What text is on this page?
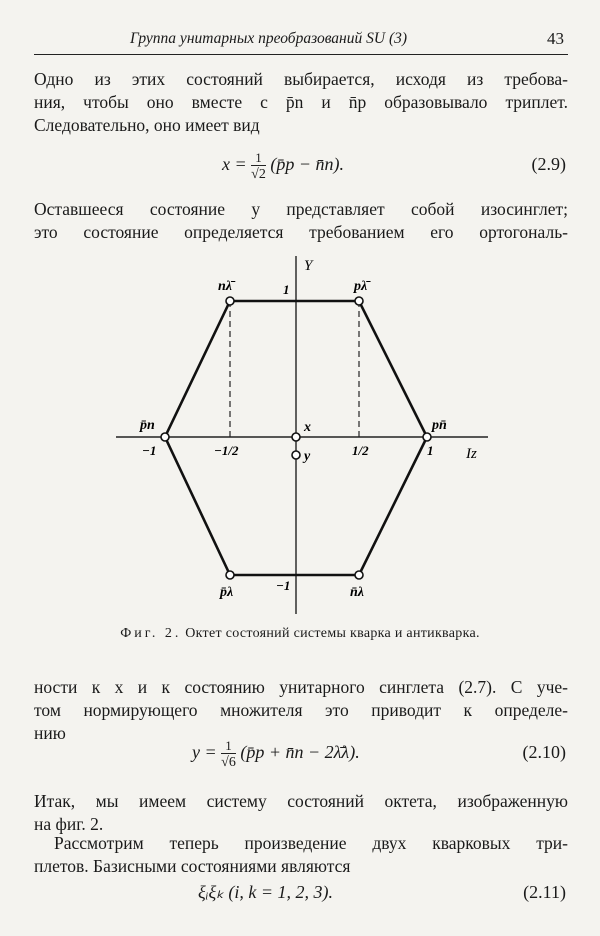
Группа унитарных преобразований SU (3)	43
Одно из этих состояний выбирается, исходя из требова-
ния, чтобы оно вместе с p̄n и n̄p образовывало триплет.
Следовательно, оно имеет вид
$x = \frac{1}{√2}$ (p̄p − n̄n).	(2.9)
Оставшееся состояние y представляет собой изосинглет;
это состояние определяется требованием его ортогональ-
Y
Iz
1
−1
−1	1
−1/2	1/2
nλ̄	pλ̄
p̄n	pn̄
p̄λ	n̄λ
x
y
Фиг. 2. Октет состояний системы кварка и антикварка.
ности к x и к состоянию унитарного синглета (2.7). С уче-
том нормирующего множителя это приводит к определе-
нию
$y = \frac{1}{√6}$ (p̄p + n̄n − 2λ̄λ).	(2.10)
Итак, мы имеем систему состояний октета, изображенную
на фиг. 2.
Рассмотрим теперь произведение двух кварковых три-
плетов. Базисными состояниями являются
ξᵢξₖ (i, k = 1, 2, 3).	(2.11)
